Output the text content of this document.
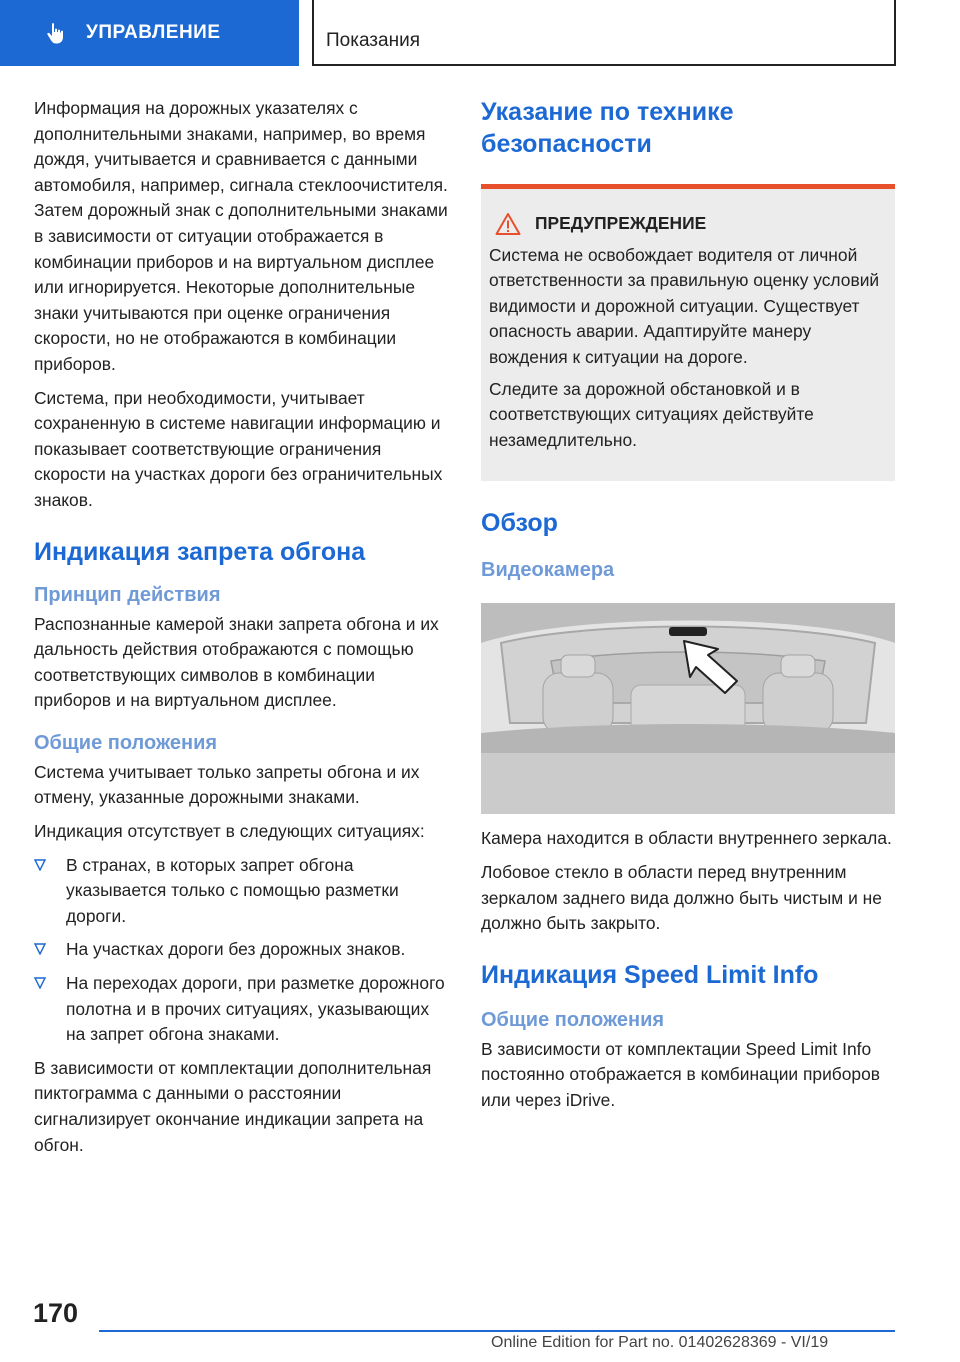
УПРАВЛЕНИЕ	Показания

Информация на дорожных указателях с дополнительными знаками, например, во время дождя, учитывается и сравнивается с данными автомобиля, например, сигнала стеклоочистителя. Затем дорожный знак с дополнительными знаками в зависимости от ситуации отображается в комбинации приборов и на виртуальном дисплее или игнорируется. Некоторые дополнительные знаки учитываются при оценке ограничения скорости, но не отображаются в комбинации приборов.

Система, при необходимости, учитывает сохраненную в системе навигации информацию и показывает соответствующие ограничения скорости на участках дороги без ограничительных знаков.

Индикация запрета обгона
Принцип действия

Распознанные камерой знаки запрета обгона и их дальность действия отображаются с помощью соответствующих символов в комбинации приборов и на виртуальном дисплее.

Общие положения

Система учитывает только запреты обгона и их отмену, указанные дорожными знаками.

Индикация отсутствует в следующих ситуациях:

В странах, в которых запрет обгона указывается только с помощью разметки дороги.
На участках дороги без дорожных знаков.
На переходах дороги, при разметке дорожного полотна и в прочих ситуациях, указывающих на запрет обгона знаками.

В зависимости от комплектации дополнительная пиктограмма с данными о расстоянии сигнализирует окончание индикации запрета на обгон.

Указание по технике безопасности
ПРЕДУПРЕЖДЕНИЕ

Система не освобождает водителя от личной ответственности за правильную оценку условий видимости и дорожной ситуации. Существует опасность аварии. Адаптируйте манеру вождения к ситуации на дороге.

Следите за дорожной обстановкой и в соответствующих ситуациях действуйте незамедлительно.

Обзор
Видеокамера

Камера находится в области внутреннего зеркала.

Лобовое стекло в области перед внутренним зеркалом заднего вида должно быть чистым и не должно быть закрыто.

Индикация Speed Limit Info
Общие положения

В зависимости от комплектации Speed Limit Info постоянно отображается в комбинации приборов или через iDrive.

170
Online Edition for Part no. 01402628369 - VI/19
